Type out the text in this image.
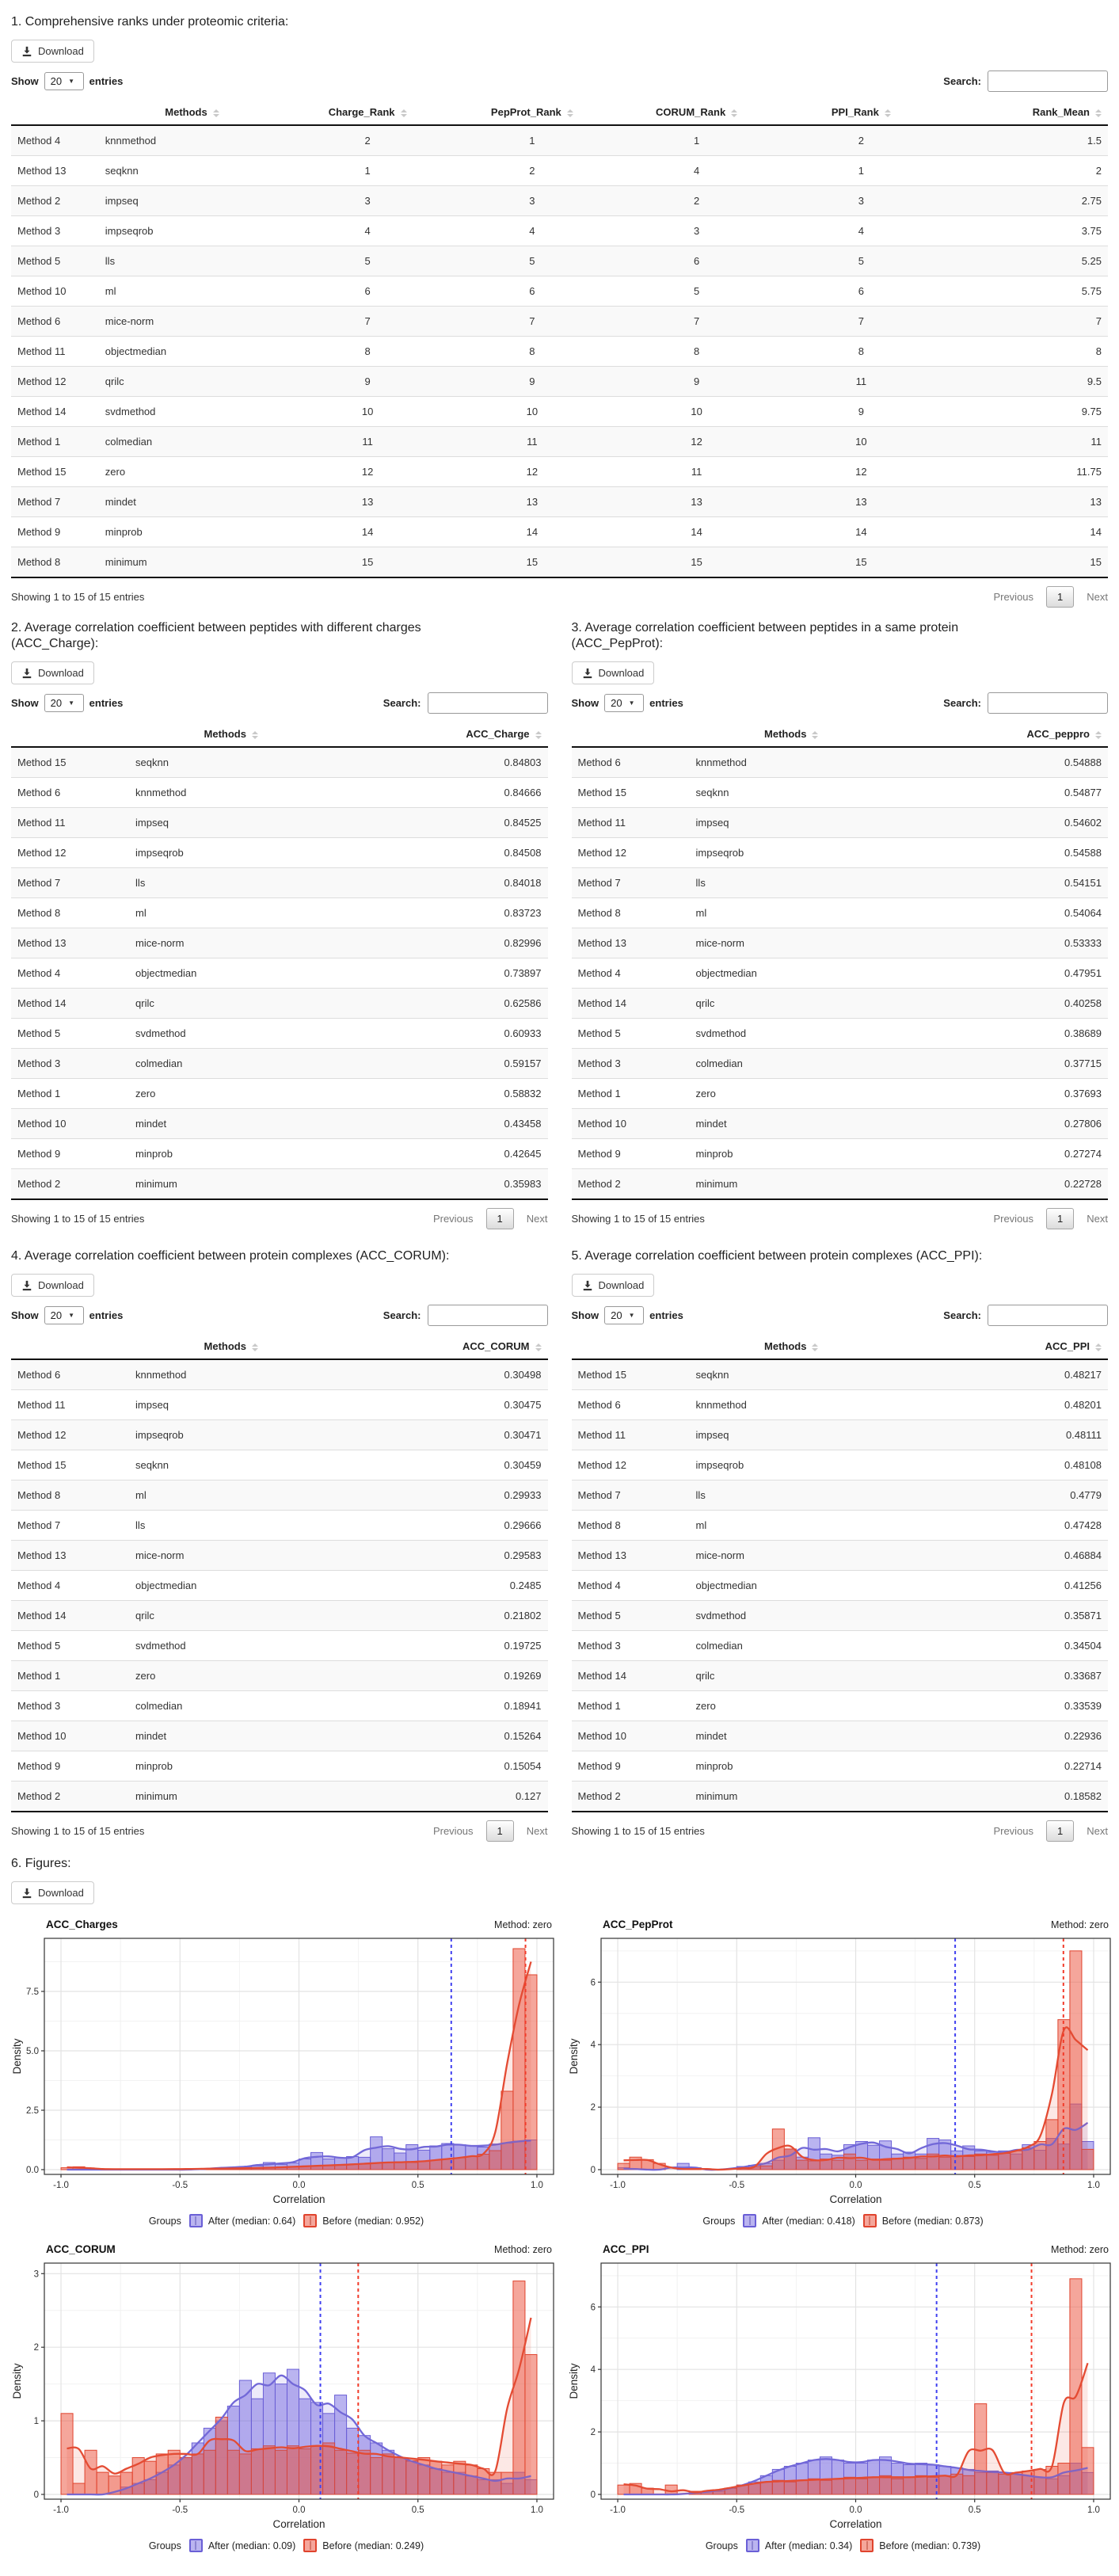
1. Comprehensive ranks under proteomic criteria:
Download
Show 20 ▼ entries	Search:
	Methods	Charge_Rank	PepProt_Rank	CORUM_Rank	PPI_Rank	Rank_Mean

Method 4	knnmethod	2	1	1	2	1.5
Method 13	seqknn	1	2	4	1	2
Method 2	impseq	3	3	2	3	2.75
Method 3	impseqrob	4	4	3	4	3.75
Method 5	lls	5	5	6	5	5.25
Method 10	ml	6	6	5	6	5.75
Method 6	mice-norm	7	7	7	7	7
Method 11	objectmedian	8	8	8	8	8
Method 12	qrilc	9	9	9	11	9.5
Method 14	svdmethod	10	10	10	9	9.75
Method 1	colmedian	11	11	12	10	11
Method 15	zero	12	12	11	12	11.75
Method 7	mindet	13	13	13	13	13
Method 9	minprob	14	14	14	14	14
Method 8	minimum	15	15	15	15	15
Showing 1 to 15 of 15 entries	Previous	1	Next
2. Average correlation coefficient between peptides with different charges (ACC_Charge):
Download
Show 20 ▼ entries	Search:
	Methods	ACC_Charge

Method 15	seqknn	0.84803
Method 6	knnmethod	0.84666
Method 11	impseq	0.84525
Method 12	impseqrob	0.84508
Method 7	lls	0.84018
Method 8	ml	0.83723
Method 13	mice-norm	0.82996
Method 4	objectmedian	0.73897
Method 14	qrilc	0.62586
Method 5	svdmethod	0.60933
Method 3	colmedian	0.59157
Method 1	zero	0.58832
Method 10	mindet	0.43458
Method 9	minprob	0.42645
Method 2	minimum	0.35983
Showing 1 to 15 of 15 entries	Previous	1	Next
3. Average correlation coefficient between peptides in a same protein (ACC_PepProt):
Download
Show 20 ▼ entries	Search:
	Methods	ACC_peppro

Method 6	knnmethod	0.54888
Method 15	seqknn	0.54877
Method 11	impseq	0.54602
Method 12	impseqrob	0.54588
Method 7	lls	0.54151
Method 8	ml	0.54064
Method 13	mice-norm	0.53333
Method 4	objectmedian	0.47951
Method 14	qrilc	0.40258
Method 5	svdmethod	0.38689
Method 3	colmedian	0.37715
Method 1	zero	0.37693
Method 10	mindet	0.27806
Method 9	minprob	0.27274
Method 2	minimum	0.22728
Showing 1 to 15 of 15 entries	Previous	1	Next
4. Average correlation coefficient between protein complexes (ACC_CORUM):
Download
Show 20 ▼ entries	Search:
	Methods	ACC_CORUM

Method 6	knnmethod	0.30498
Method 11	impseq	0.30475
Method 12	impseqrob	0.30471
Method 15	seqknn	0.30459
Method 8	ml	0.29933
Method 7	lls	0.29666
Method 13	mice-norm	0.29583
Method 4	objectmedian	0.2485
Method 14	qrilc	0.21802
Method 5	svdmethod	0.19725
Method 1	zero	0.19269
Method 3	colmedian	0.18941
Method 10	mindet	0.15264
Method 9	minprob	0.15054
Method 2	minimum	0.127
Showing 1 to 15 of 15 entries	Previous	1	Next
5. Average correlation coefficient between protein complexes (ACC_PPI):
Download
Show 20 ▼ entries	Search:
	Methods	ACC_PPI

Method 15	seqknn	0.48217
Method 6	knnmethod	0.48201
Method 11	impseq	0.48111
Method 12	impseqrob	0.48108
Method 7	lls	0.4779
Method 8	ml	0.47428
Method 13	mice-norm	0.46884
Method 4	objectmedian	0.41256
Method 5	svdmethod	0.35871
Method 3	colmedian	0.34504
Method 14	qrilc	0.33687
Method 1	zero	0.33539
Method 10	mindet	0.22936
Method 9	minprob	0.22714
Method 2	minimum	0.18582
Showing 1 to 15 of 15 entries	Previous	1	Next
6. Figures:
Download
ACC_Charges	Method: zero
-1.0	-0.5	0.0	0.5	1.0
0.0
2.5
5.0
7.5
Correlation
Density
Groups	After (median: 0.64)	Before (median: 0.952)
ACC_PepProt	Method: zero
-1.0	-0.5	0.0	0.5	1.0
0
2
4
6
Correlation
Density
Groups	After (median: 0.418)	Before (median: 0.873)
ACC_CORUM	Method: zero
-1.0	-0.5	0.0	0.5	1.0
0
1
2
3
Correlation
Density
Groups	After (median: 0.09)	Before (median: 0.249)
ACC_PPI	Method: zero
-1.0	-0.5	0.0	0.5	1.0
0
2
4
6
Correlation
Density
Groups	After (median: 0.34)	Before (median: 0.739)
